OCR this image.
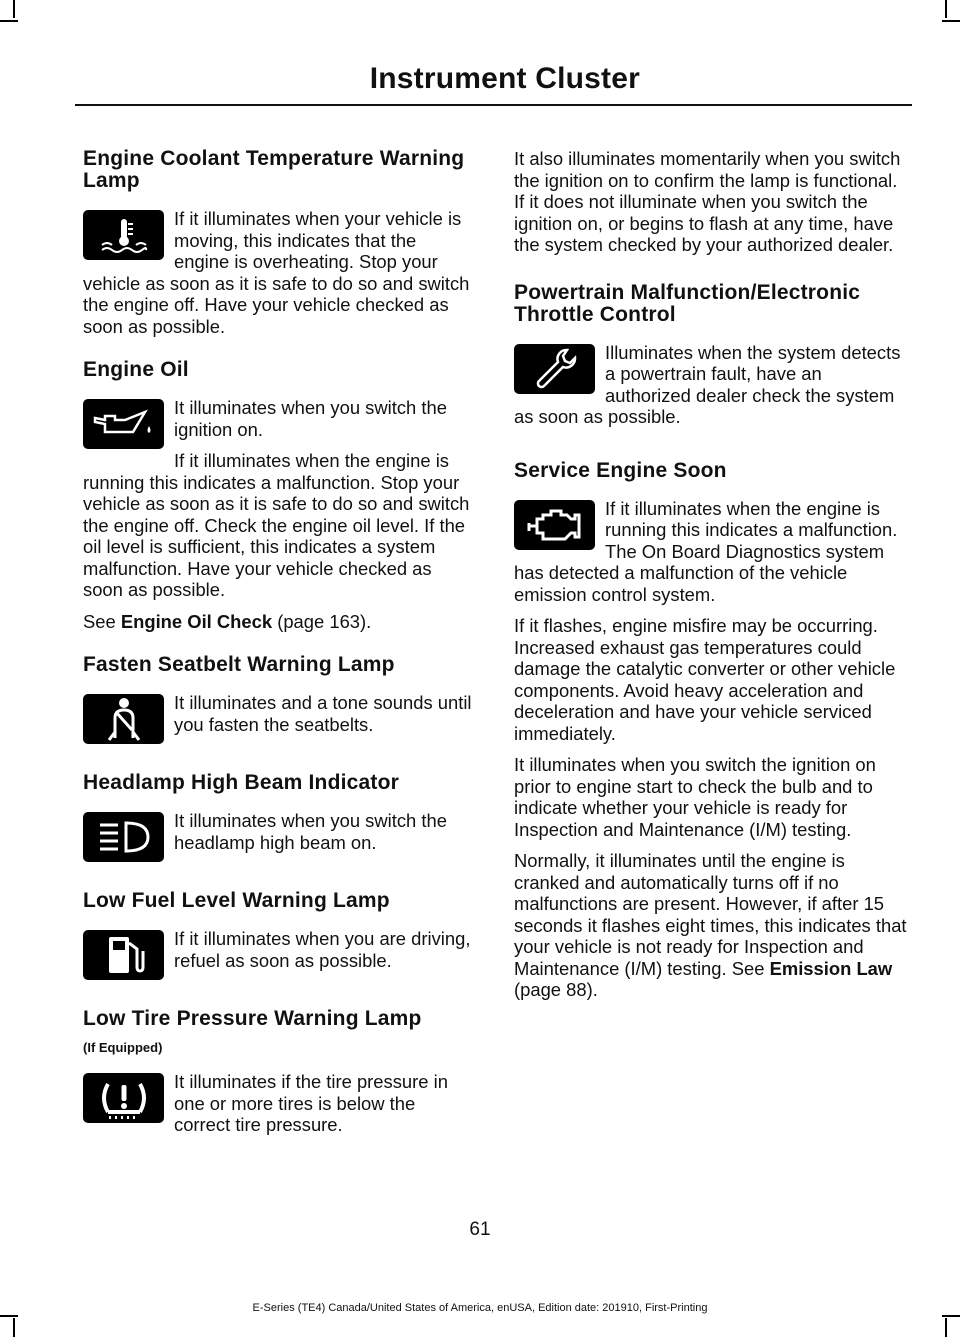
Instrument Cluster
Engine Coolant Temperature Warning Lamp

If it illuminates when your vehicle is moving, this indicates that the engine is overheating. Stop your vehicle as soon as it is safe to do so and switch the engine off. Have your vehicle checked as soon as possible.

Engine Oil

It illuminates when you switch the ignition on.

If it illuminates when the engine is running this indicates a malfunction. Stop your vehicle as soon as it is safe to do so and switch the engine off. Check the engine oil level. If the oil level is sufficient, this indicates a system malfunction. Have your vehicle checked as soon as possible.

See Engine Oil Check (page 163).

Fasten Seatbelt Warning Lamp

It illuminates and a tone sounds until you fasten the seatbelts.

Headlamp High Beam Indicator

It illuminates when you switch the headlamp high beam on.

Low Fuel Level Warning Lamp

If it illuminates when you are driving, refuel as soon as possible.

Low Tire Pressure Warning Lamp
(If Equipped)

It illuminates if the tire pressure in one or more tires is below the correct tire pressure.

It also illuminates momentarily when you switch the ignition on to confirm the lamp is functional. If it does not illuminate when you switch the ignition on, or begins to flash at any time, have the system checked by your authorized dealer.

Powertrain Malfunction/Electronic Throttle Control

Illuminates when the system detects a powertrain fault, have an authorized dealer check the system as soon as possible.

Service Engine Soon

If it illuminates when the engine is running this indicates a malfunction. The On Board Diagnostics system has detected a malfunction of the vehicle emission control system.

If it flashes, engine misfire may be occurring. Increased exhaust gas temperatures could damage the catalytic converter or other vehicle components. Avoid heavy acceleration and deceleration and have your vehicle serviced immediately.

It illuminates when you switch the ignition on prior to engine start to check the bulb and to indicate whether your vehicle is ready for Inspection and Maintenance (I/M) testing.

Normally, it illuminates until the engine is cranked and automatically turns off if no malfunctions are present. However, if after 15 seconds it flashes eight times, this indicates that your vehicle is not ready for Inspection and Maintenance (I/M) testing. See Emission Law (page 88).

61
E-Series (TE4) Canada/United States of America, enUSA, Edition date: 201910, First-Printing
